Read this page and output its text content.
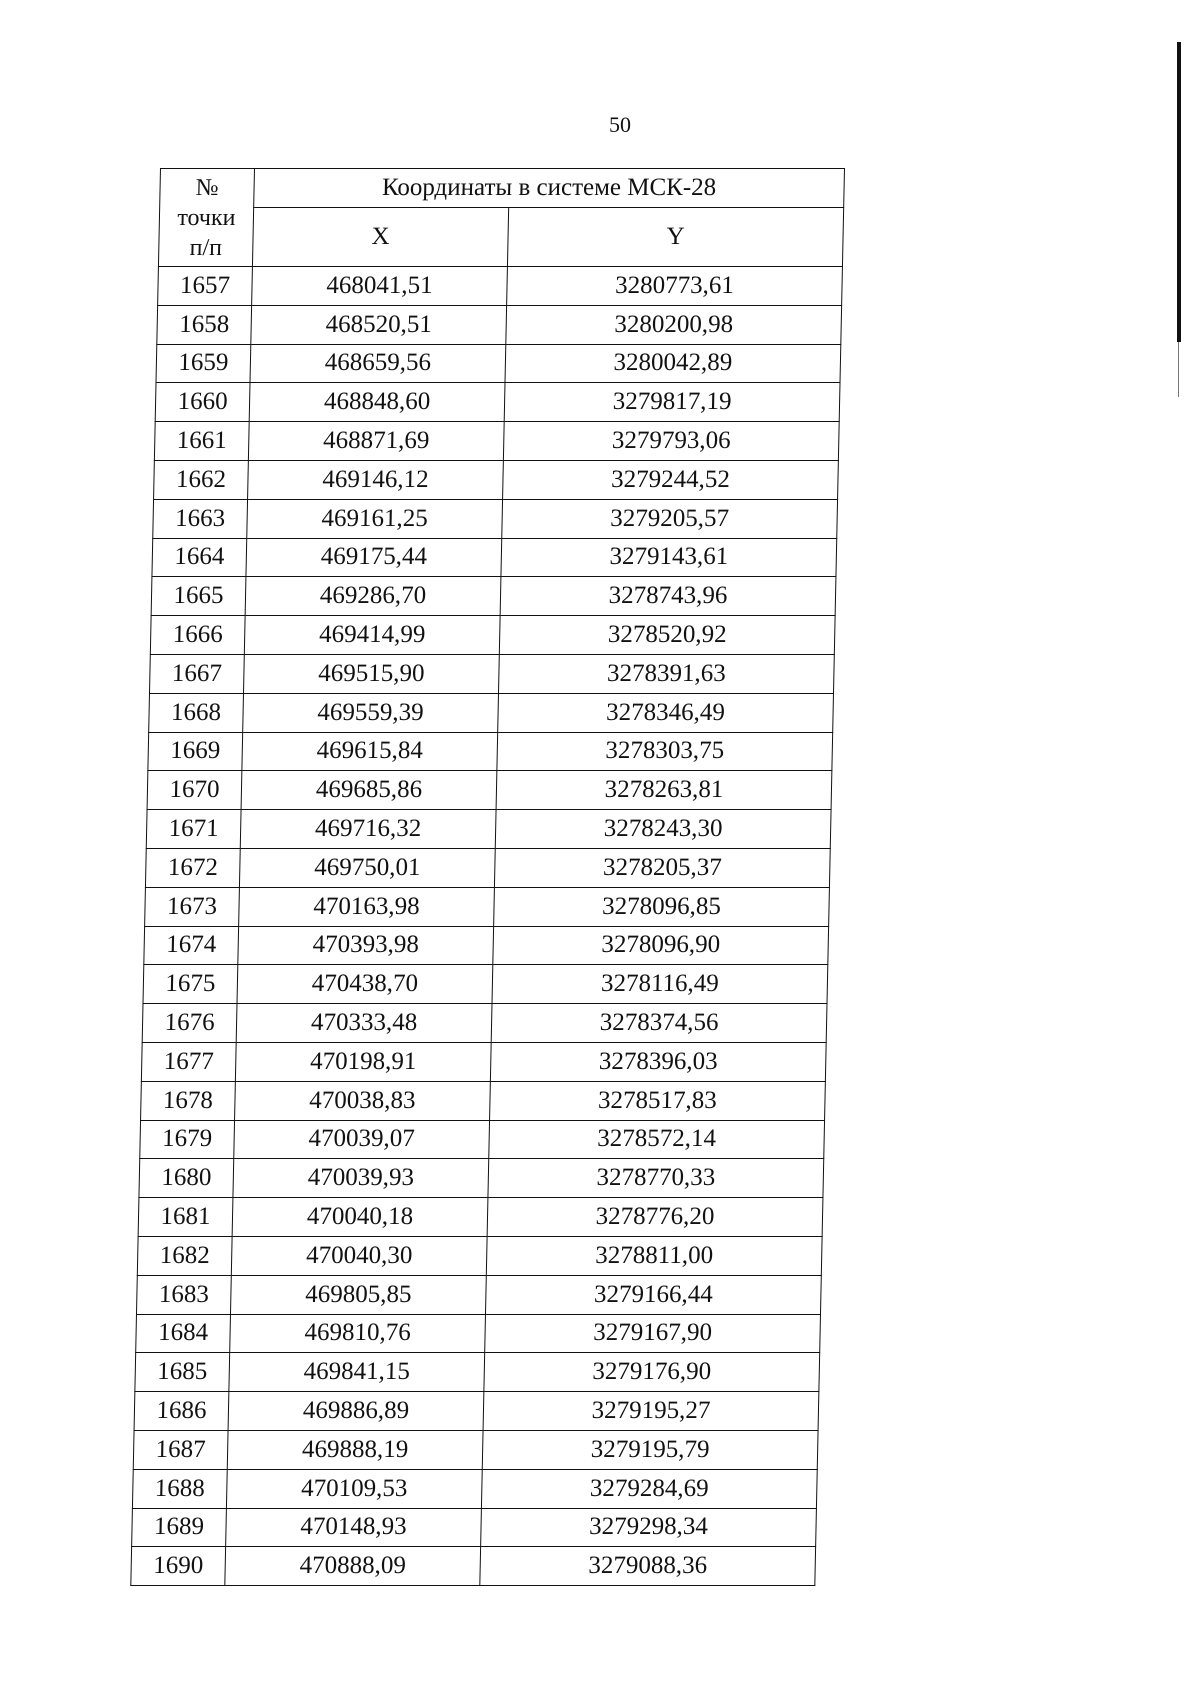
50
№
точки
п/п	Координаты в системе МСК-28	
	X	Y
1657	468041,51	3280773,61
1658	468520,51	3280200,98
1659	468659,56	3280042,89
1660	468848,60	3279817,19
1661	468871,69	3279793,06
1662	469146,12	3279244,52
1663	469161,25	3279205,57
1664	469175,44	3279143,61
1665	469286,70	3278743,96
1666	469414,99	3278520,92
1667	469515,90	3278391,63
1668	469559,39	3278346,49
1669	469615,84	3278303,75
1670	469685,86	3278263,81
1671	469716,32	3278243,30
1672	469750,01	3278205,37
1673	470163,98	3278096,85
1674	470393,98	3278096,90
1675	470438,70	3278116,49
1676	470333,48	3278374,56
1677	470198,91	3278396,03
1678	470038,83	3278517,83
1679	470039,07	3278572,14
1680	470039,93	3278770,33
1681	470040,18	3278776,20
1682	470040,30	3278811,00
1683	469805,85	3279166,44
1684	469810,76	3279167,90
1685	469841,15	3279176,90
1686	469886,89	3279195,27
1687	469888,19	3279195,79
1688	470109,53	3279284,69
1689	470148,93	3279298,34
1690	470888,09	3279088,36
